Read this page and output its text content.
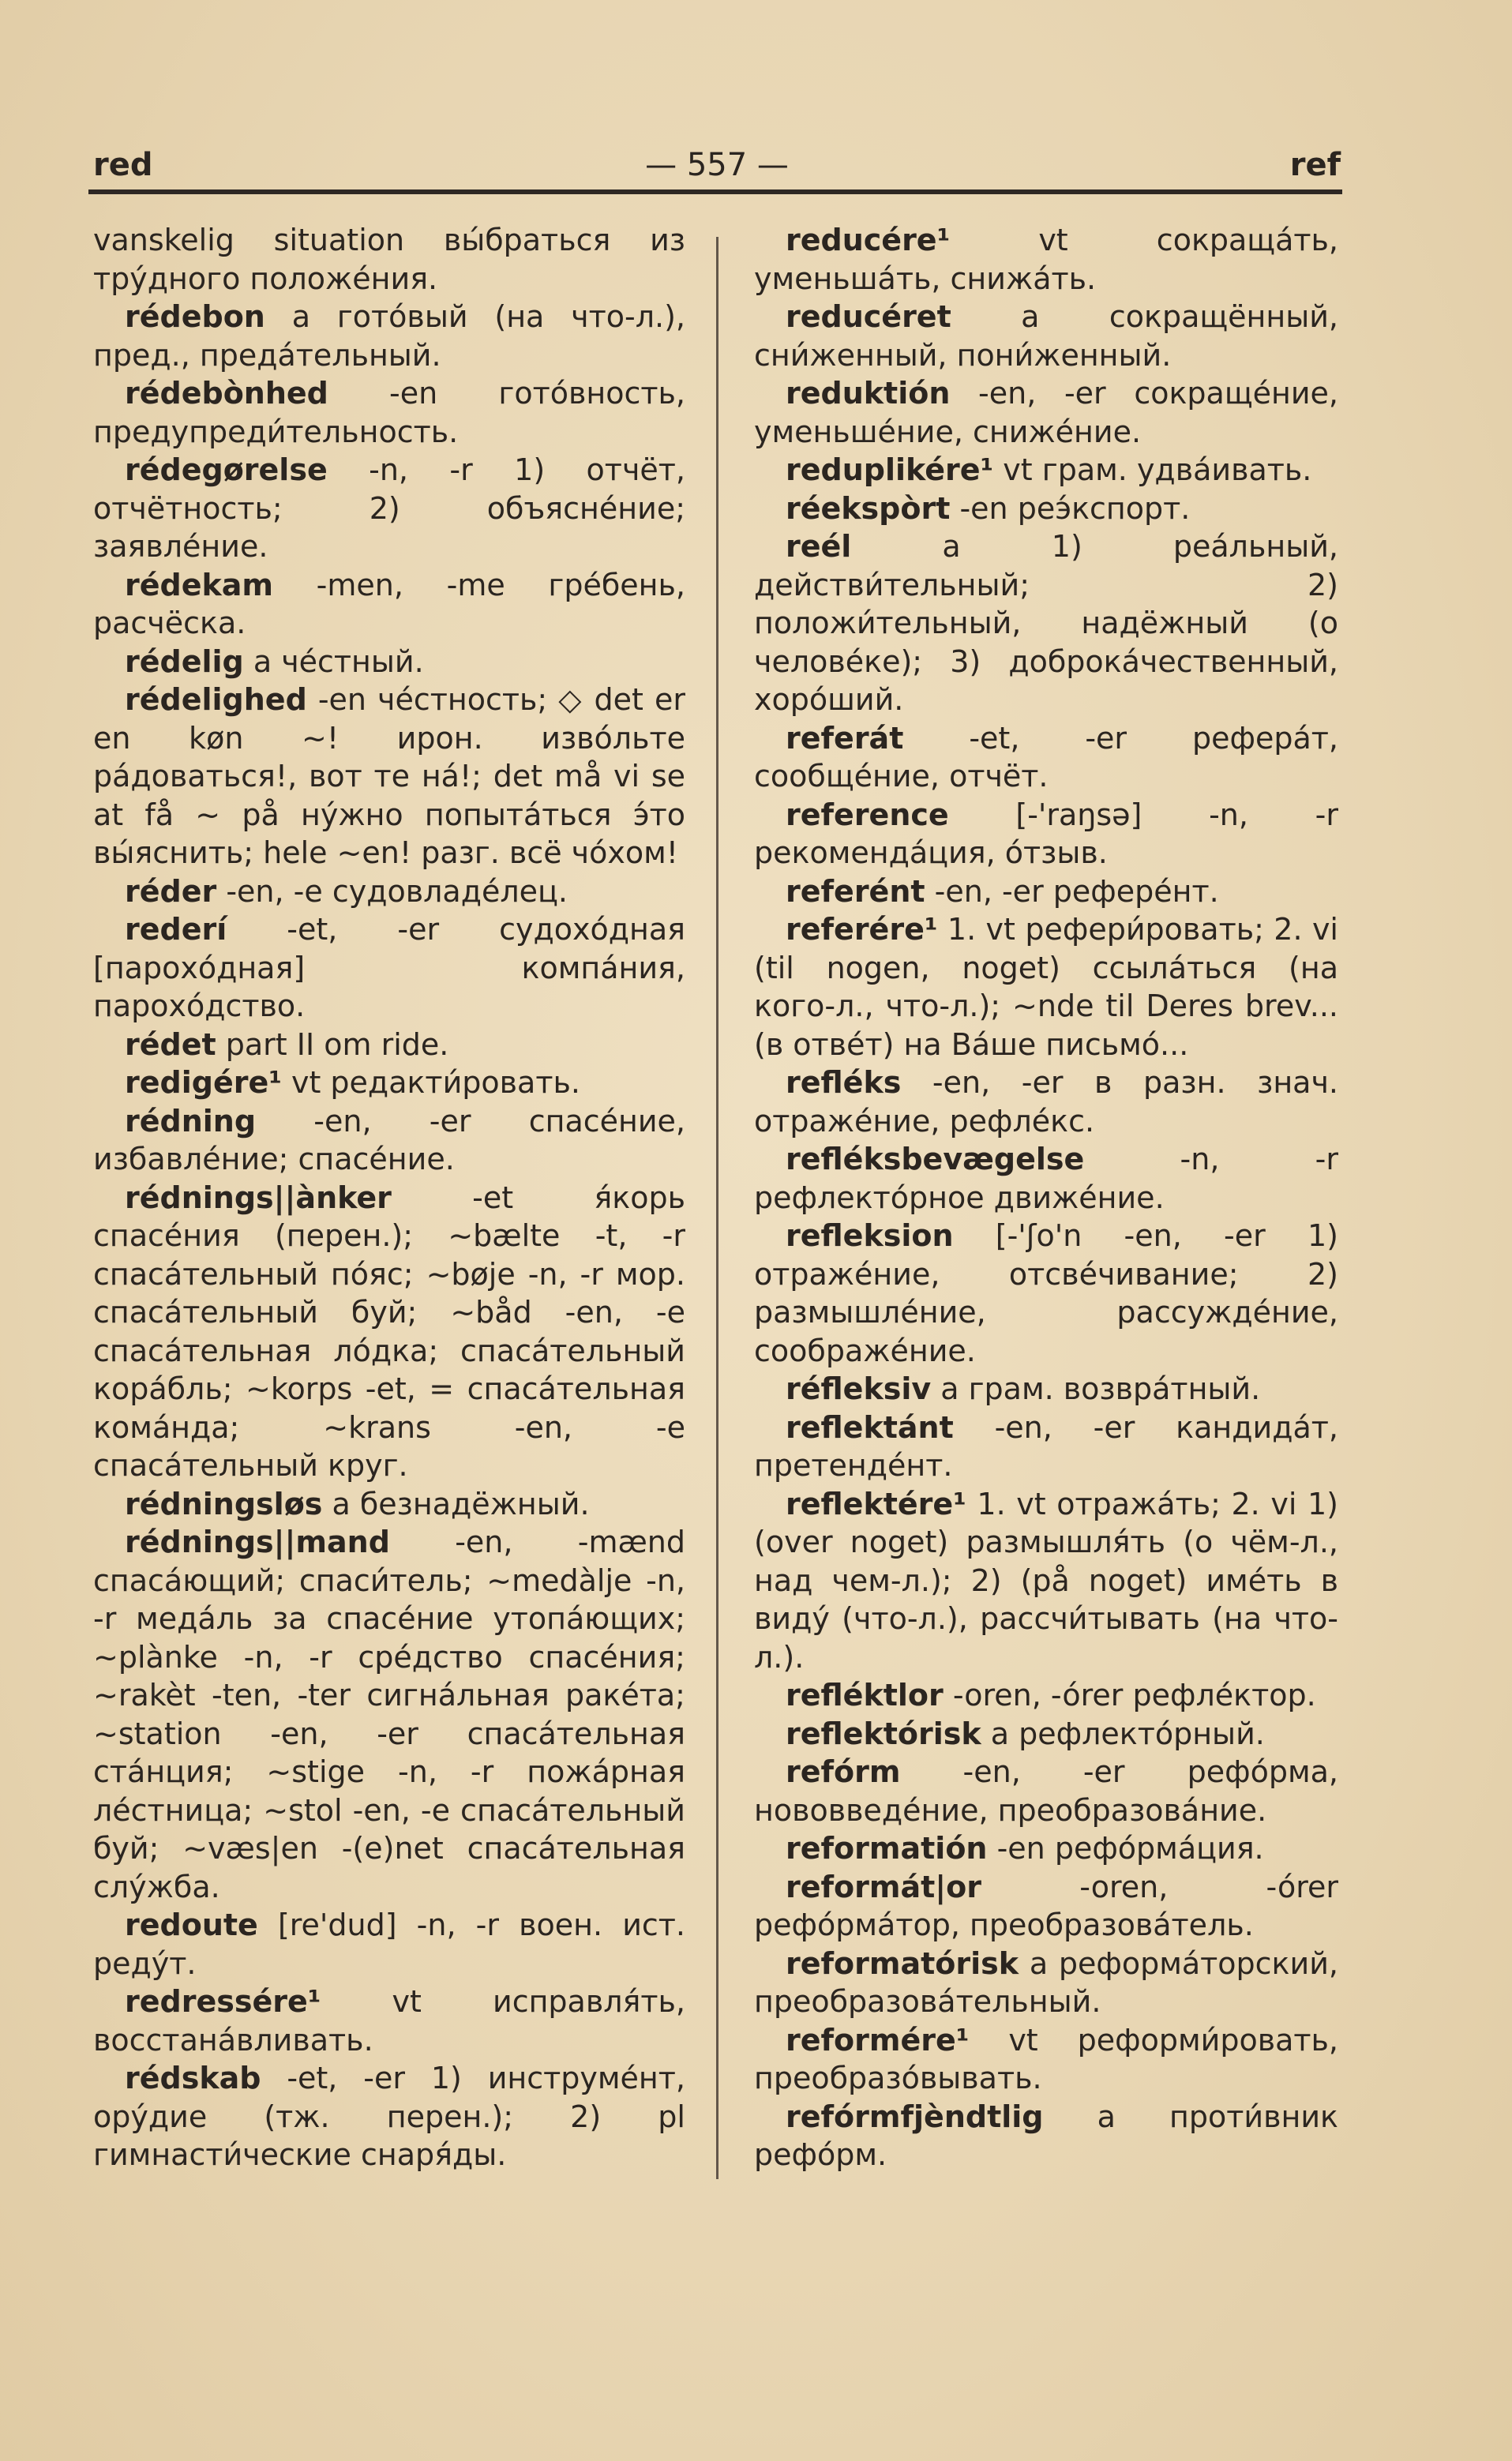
red	— 557 —	ref

vanskelig situation вы́браться из тру́дного положе́ния.

rédebon a гото́вый (на что-л.), пред., преда́тельный.

rédebònhed -en гото́вность, предупреди́тельность.

rédegørelse -n, -r 1) отчёт, отчётность; 2) объясне́ние; заявле́ние.

rédekam -men, -me гре́бень, расчёска.

rédelig a че́стный.

rédelighed -en че́стность; ◇ det er en køn ~! ирон. изво́льте ра́доваться!, вот те на́!; det må vi se at få ~ på ну́жно попыта́ться э́то вы́яснить; hele ~en! разг. всё чо́хом!

réder -en, -e судовладе́лец.

rederí -et, -er судохо́дная [парохо́дная] компа́ния, парохо́дство.

rédet part II om ride.

redigére¹ vt редакти́ровать.

rédning -en, -er спасе́ние, избавле́ние; спасе́ние.

rédnings||ànker -et я́корь спасе́ния (перен.); ~bælte -t, -r спаса́тельный по́яс; ~bøje -n, -r мор. спаса́тельный буй; ~båd -en, -e спаса́тельная ло́дка; спаса́тельный кора́бль; ~korps -et, = спаса́тельная кома́нда; ~krans -en, -e спаса́тельный круг.

rédningsløs a безнадёжный.

rédnings||mand -en, -mænd спаса́ющий; спаси́тель; ~medàlje -n, -r меда́ль за спасе́ние утопа́ющих; ~plànke -n, -r сре́дство спасе́ния; ~rakèt -ten, -ter сигна́льная раке́та; ~station -en, -er спаса́тельная ста́нция; ~stige -n, -r пожа́рная ле́стница; ~stol -en, -e спаса́тельный буй; ~væs|en -(e)net спаса́тельная слу́жба.

redoute [re'dud] -n, -r воен. ист. реду́т.

redressére¹ vt исправля́ть, восстана́вливать.

rédskab -et, -er 1) инструме́нт, ору́дие (тж. перен.); 2) pl гимнасти́ческие снаря́ды.

reducére¹ vt сокраща́ть, уменьша́ть, снижа́ть.

reducéret a сокращённый, сни́женный, пони́женный.

reduktión -en, -er сокраще́ние, уменьше́ние, сниже́ние.

reduplikére¹ vt грам. удва́ивать.

réekspòrt -en реэ́кспорт.

reél a 1) реа́льный, действи́тельный; 2) положи́тельный, надёжный (о челове́ке); 3) доброка́чественный, хоро́ший.

referát -et, -er рефера́т, сообще́ние, отчёт.

reference [-'raŋsə] -n, -r рекоменда́ция, о́тзыв.

referént -en, -er рефере́нт.

referére¹ 1. vt рефери́ровать; 2. vi (til nogen, noget) ссыла́ться (на кого-л., что-л.); ~nde til Deres brev... (в отве́т) на Ва́ше письмо́...

refléks -en, -er в разн. знач. отраже́ние, рефле́кс.

refléksbevægelse -n, -r рефлекто́рное движе́ние.

refleksion [-'ʃo'n -en, -er 1) отраже́ние, отсве́чивание; 2) размышле́ние, рассужде́ние, соображе́ние.

réfleksiv a грам. возвра́тный.

reflektánt -en, -er кандида́т, претенде́нт.

reflektére¹ 1. vt отража́ть; 2. vi 1) (over noget) размышля́ть (о чём-л., над чем-л.); 2) (på noget) име́ть в виду́ (что-л.), рассчи́тывать (на что-л.).

refléktlor -oren, -órer рефле́ктор.

reflektórisk a рефлекто́рный.

refórm -en, -er рефо́рма, нововведе́ние, преобразова́ние.

reformatión -en рефо́рма́ция.

reformát|or -oren, -órer рефо́рма́тор, преобразова́тель.

reformatórisk a реформа́торский, преобразова́тельный.

reformére¹ vt реформи́ровать, преобразо́вывать.

refórmfjèndtlig a проти́вник рефо́рм.
